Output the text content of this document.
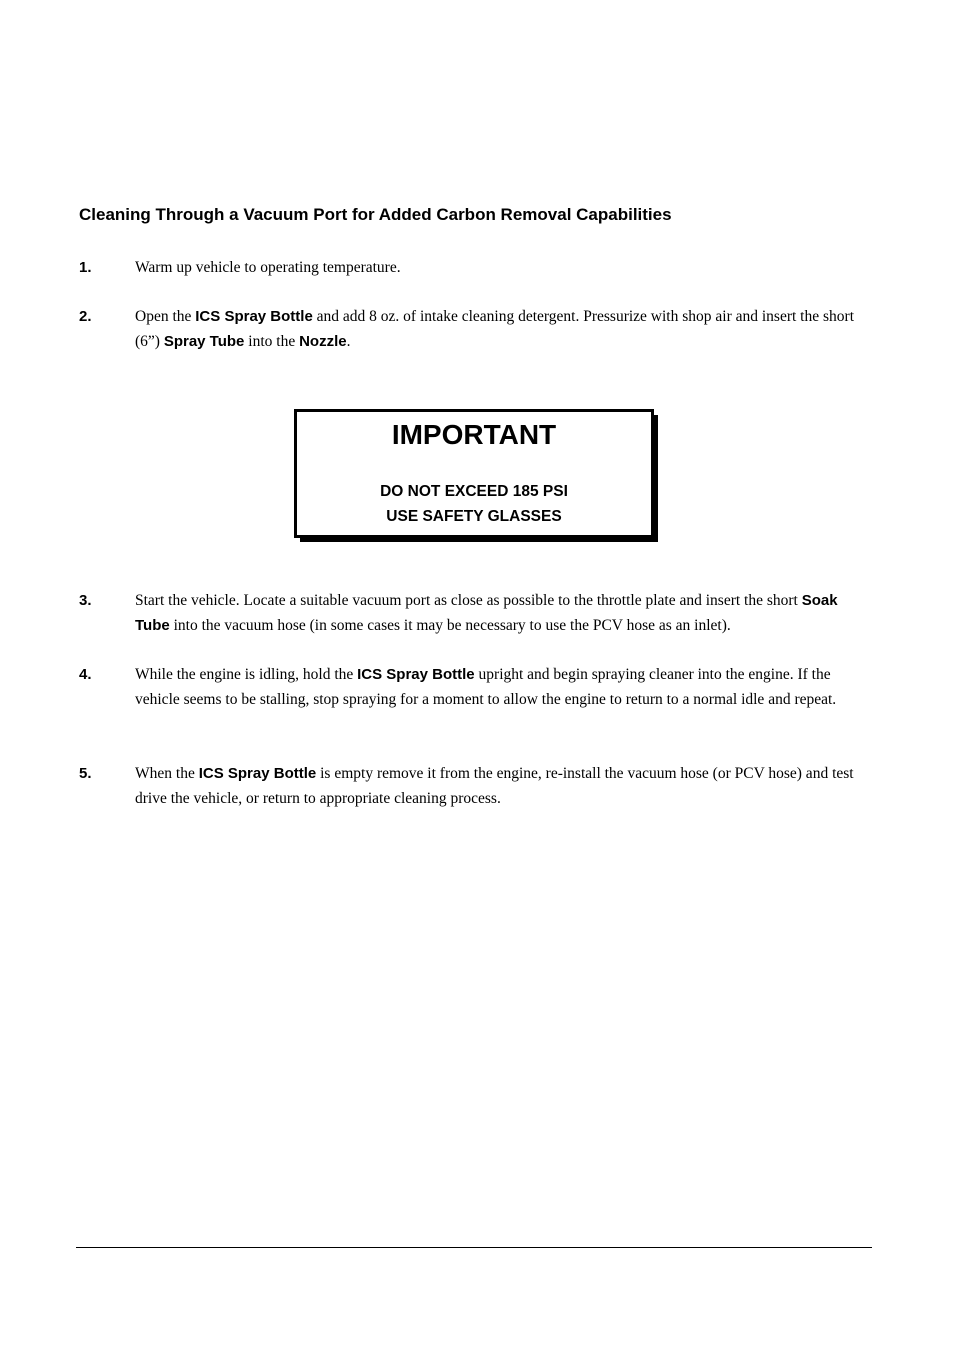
Cleaning Through a Vacuum Port for Added Carbon Removal Capabilities
1.	Warm up vehicle to operating temperature.
2.	Open the ICS Spray Bottle and add 8 oz. of intake cleaning detergent. Pressurize with shop air and insert the short (6”) Spray Tube into the Nozzle.
IMPORTANT
DO NOT EXCEED 185 PSI
USE SAFETY GLASSES
3.	Start the vehicle. Locate a suitable vacuum port as close as possible to the throttle plate and insert the short Soak Tube into the vacuum hose (in some cases it may be necessary to use the PCV hose as an inlet).
4.	While the engine is idling, hold the ICS Spray Bottle upright and begin spraying cleaner into the engine. If the vehicle seems to be stalling, stop spraying for a moment to allow the engine to return to a normal idle and repeat.
5.	When the ICS Spray Bottle is empty remove it from the engine, re-install the vacuum hose (or PCV hose) and test drive the vehicle, or return to appropriate cleaning process.
